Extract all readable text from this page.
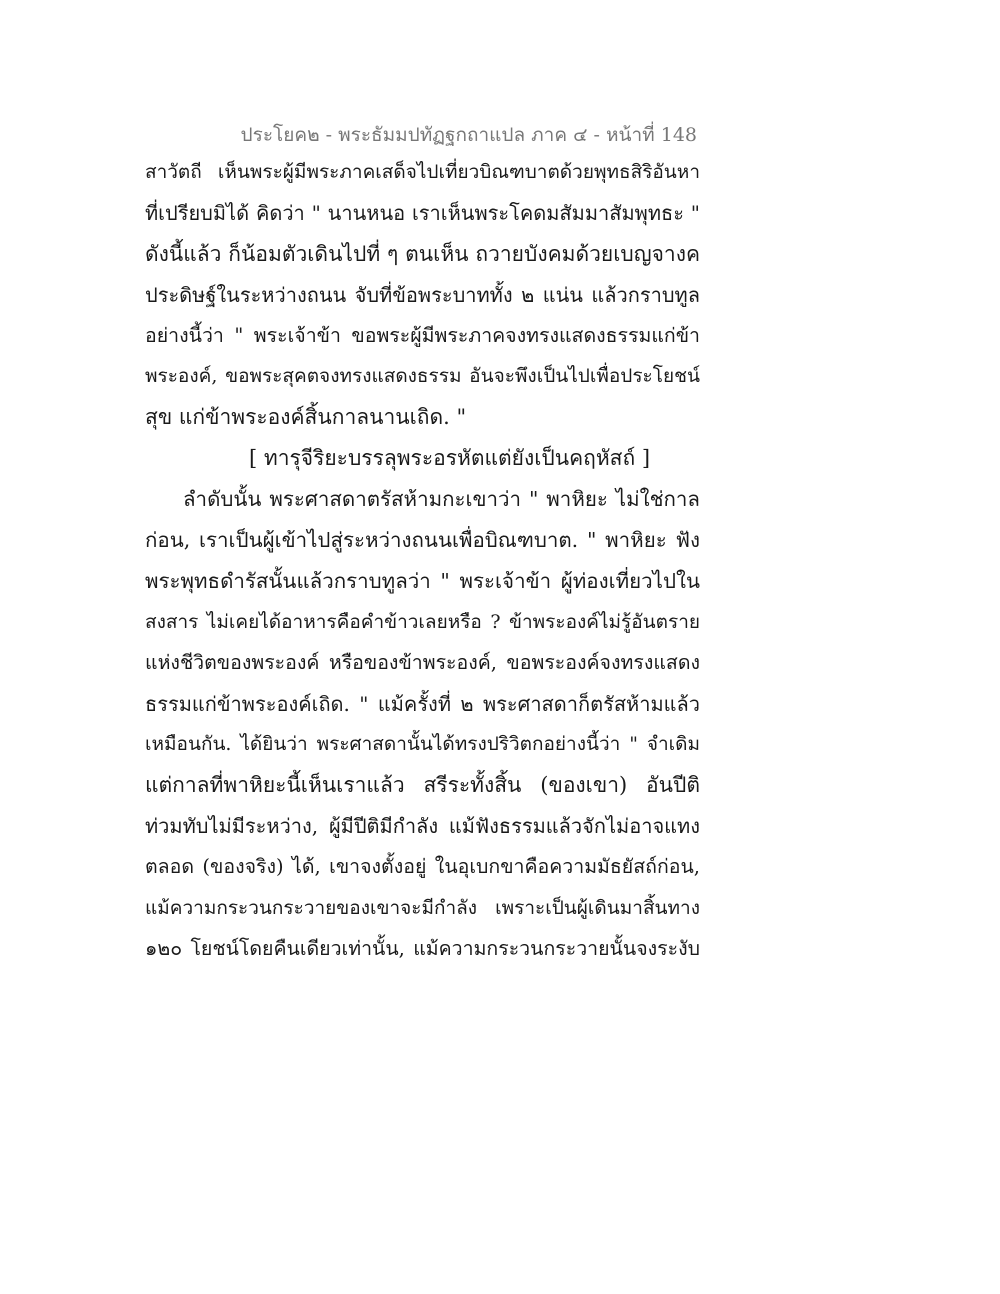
ประโยค๒ - พระธัมมปทัฏฐกถาแปล ภาค ๔ - หน้าที่ 148
สาวัตถี เห็นพระผู้มีพระภาคเสด็จไปเที่ยวบิณฑบาตด้วยพุทธสิริอันหา
ที่เปรียบมิได้ คิดว่า " นานหนอ เราเห็นพระโคดมสัมมาสัมพุทธะ "
ดังนี้แล้ว ก็น้อมตัวเดินไปที่ ๆ ตนเห็น ถวายบังคมด้วยเบญจางค
ประดิษฐ์ในระหว่างถนน จับที่ข้อพระบาททั้ง ๒ แน่น แล้วกราบทูล
อย่างนี้ว่า " พระเจ้าข้า ขอพระผู้มีพระภาคจงทรงแสดงธรรมแก่ข้า
พระองค์, ขอพระสุคตจงทรงแสดงธรรม อันจะพึงเป็นไปเพื่อประโยชน์
สุข แก่ข้าพระองค์สิ้นกาลนานเถิด. "
[ ทารุจีริยะบรรลุพระอรหัตแต่ยังเป็นคฤหัสถ์ ]
ลำดับนั้น พระศาสดาตรัสห้ามกะเขาว่า " พาหิยะ ไม่ใช่กาล
ก่อน, เราเป็นผู้เข้าไปสู่ระหว่างถนนเพื่อบิณฑบาต. " พาหิยะ ฟัง
พระพุทธดำรัสนั้นแล้วกราบทูลว่า " พระเจ้าข้า ผู้ท่องเที่ยวไปใน
สงสาร ไม่เคยได้อาหารคือคำข้าวเลยหรือ ? ข้าพระองค์ไม่รู้อันตราย
แห่งชีวิตของพระองค์ หรือของข้าพระองค์, ขอพระองค์จงทรงแสดง
ธรรมแก่ข้าพระองค์เถิด. " แม้ครั้งที่ ๒ พระศาสดาก็ตรัสห้ามแล้ว
เหมือนกัน. ได้ยินว่า พระศาสดานั้นได้ทรงปริวิตกอย่างนี้ว่า " จำเดิม
แต่กาลที่พาหิยะนี้เห็นเราแล้ว สรีระทั้งสิ้น (ของเขา) อันปีติ
ท่วมทับไม่มีระหว่าง, ผู้มีปีติมีกำลัง แม้ฟังธรรมแล้วจักไม่อาจแทง
ตลอด (ของจริง) ได้, เขาจงตั้งอยู่ ในอุเบกขาคือความมัธยัสถ์ก่อน,
แม้ความกระวนกระวายของเขาจะมีกำลัง เพราะเป็นผู้เดินมาสิ้นทาง
๑๒๐ โยชน์โดยคืนเดียวเท่านั้น, แม้ความกระวนกระวายนั้นจงระงับ
